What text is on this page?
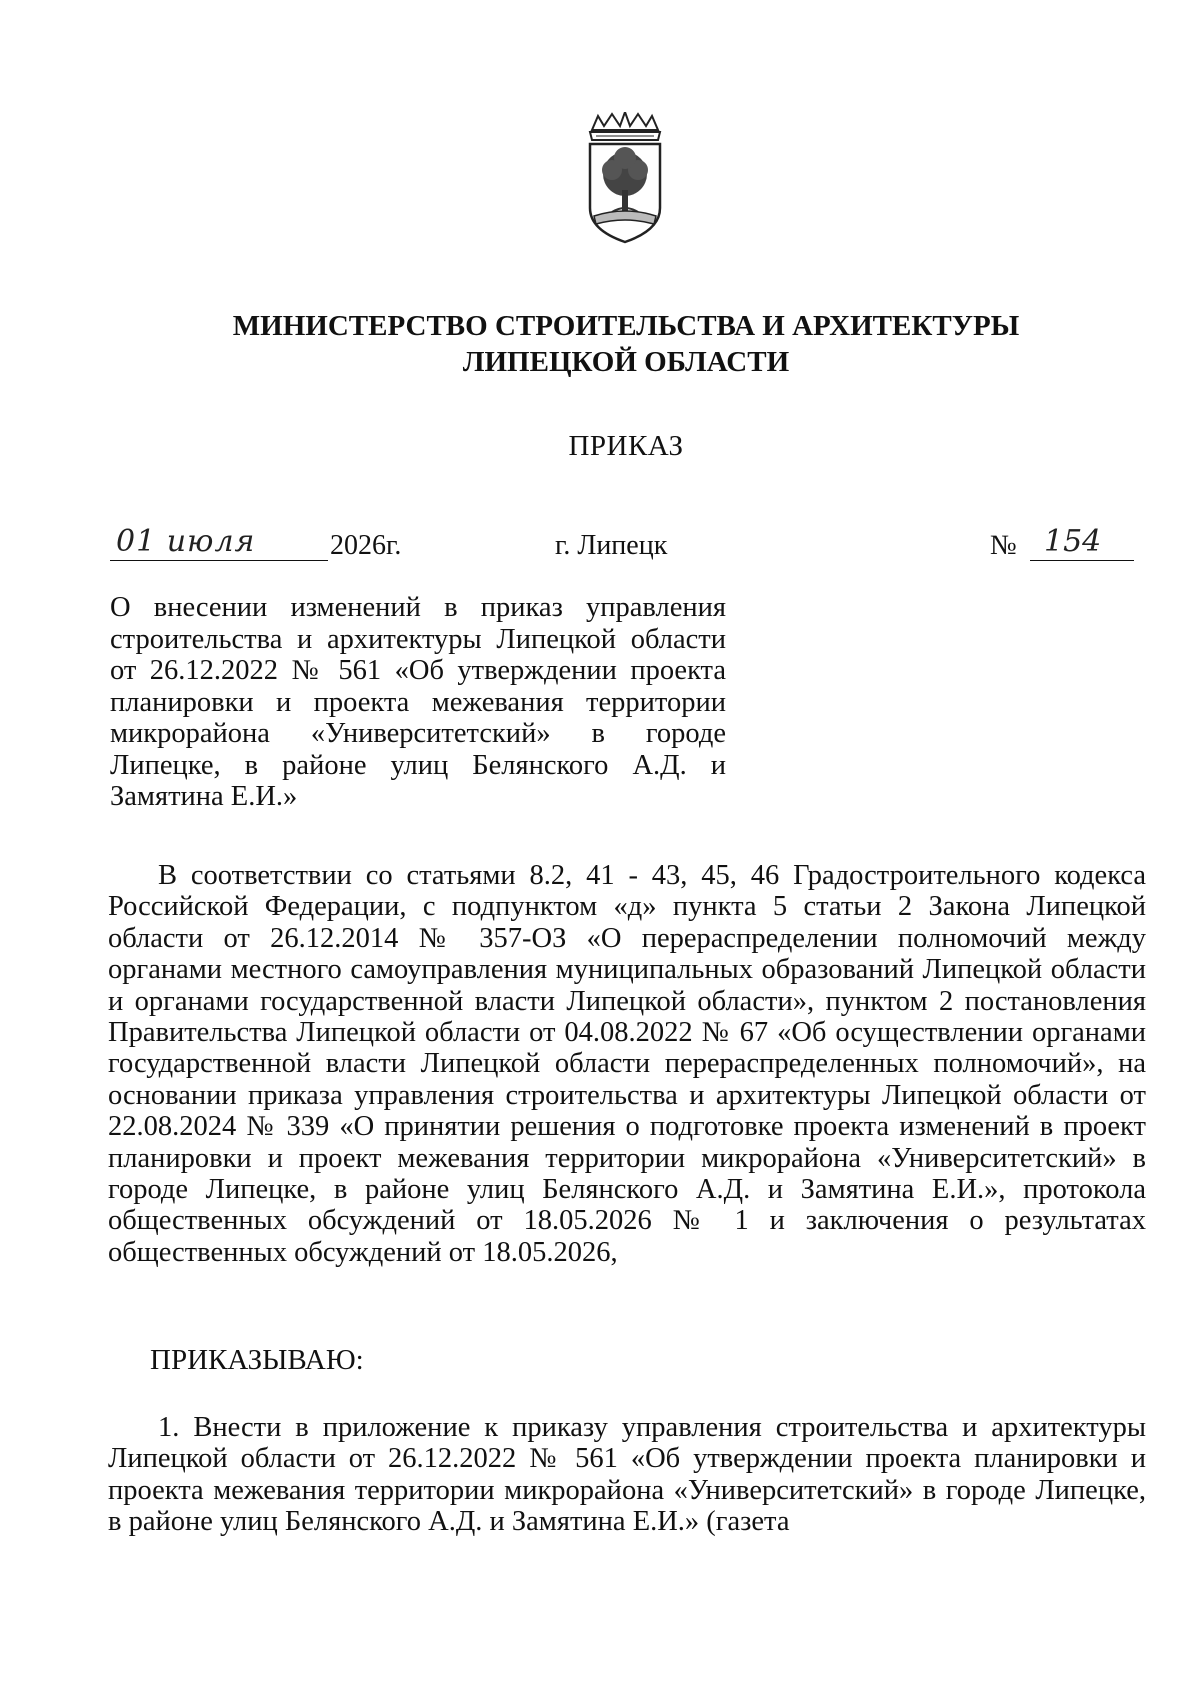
МИНИСТЕРСТВО СТРОИТЕЛЬСТВА И АРХИТЕКТУРЫ
ЛИПЕЦКОЙ ОБЛАСТИ
ПРИКАЗ
01 июля	2026г.	г. Липецк	№ 154
О внесении изменений в приказ управления строительства и архитектуры Липецкой области от 26.12.2022 № 561 «Об утверждении проекта планировки и проекта межевания территории микрорайона «Университетский» в городе Липецке, в районе улиц Белянского А.Д. и Замятина Е.И.»
В соответствии со статьями 8.2, 41 - 43, 45, 46 Градостроительного кодекса Российской Федерации, с подпунктом «д» пункта 5 статьи 2 Закона Липецкой области от 26.12.2014 № 357-ОЗ «О перераспределении полномочий между органами местного самоуправления муниципальных образований Липецкой области и органами государственной власти Липецкой области», пунктом 2 постановления Правительства Липецкой области от 04.08.2022 № 67 «Об осуществлении органами государственной власти Липецкой области перераспределенных полномочий», на основании приказа управления строительства и архитектуры Липецкой области от 22.08.2024 № 339 «О принятии решения о подготовке проекта изменений в проект планировки и проект межевания территории микрорайона «Университетский» в городе Липецке, в районе улиц Белянского А.Д. и Замятина Е.И.», протокола общественных обсуждений от 18.05.2026 № 1 и заключения о результатах общественных обсуждений от 18.05.2026,
ПРИКАЗЫВАЮ:
1. Внести в приложение к приказу управления строительства и архитектуры Липецкой области от 26.12.2022 № 561 «Об утверждении проекта планировки и проекта межевания территории микрорайона «Университетский» в городе Липецке, в районе улиц Белянского А.Д. и Замятина Е.И.» (газета
